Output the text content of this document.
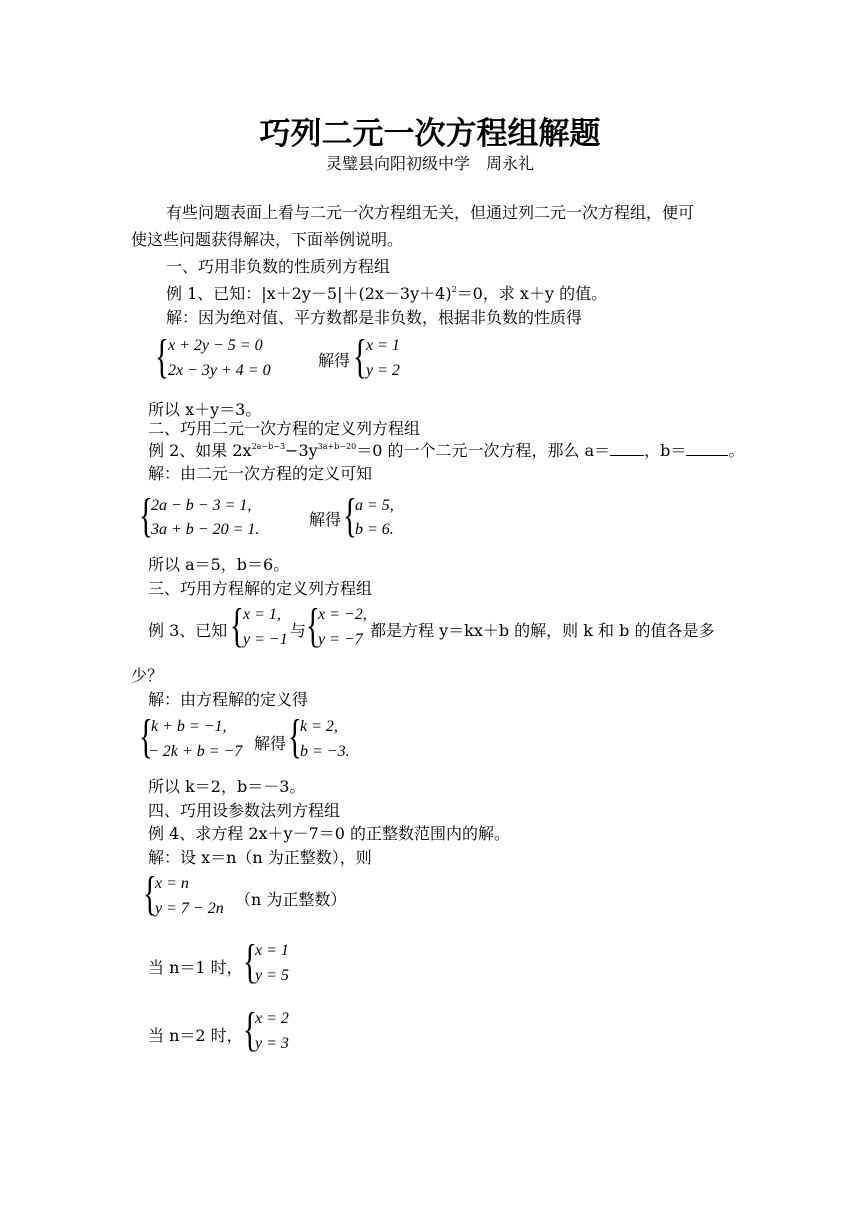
巧列二元一次方程组解题
灵璧县向阳初级中学　周永礼
有些问题表面上看与二元一次方程组无关，但通过列二元一次方程组，便可
使这些问题获得解决，下面举例说明。
一、巧用非负数的性质列方程组
例 1、已知：$|x+2y-5|+(2x-3y+4)^2=0$，求 x＋y 的值。
解：因为绝对值、平方数都是非负数，根据非负数的性质得
{ x + 2y − 5 = 0
2x − 3y + 4 = 0
解得 { x = 1
y = 2
所以 x＋y＝3。
二、巧用二元一次方程的定义列方程组
例 2、如果 $2x^{2a-b-3}-3y^{3a+b-20}=0$ 的一个二元一次方程，那么 a＝ ，b＝	。
解：由二元一次方程的定义可知
{
2a − b − 3 = 1,
3a + b − 20 = 1.
解得 {
a = 5,
b = 6.
所以 a＝5，b＝6。
三、巧用方程解的定义列方程组
例 3、已知 { x = 1,
y = −1 与 {
x = −2,
y = −7 都是方程 y＝kx＋b 的解，则 k 和 b 的值各是多
少？
解：由方程解的定义得
{
k + b = −1,
− 2k + b = −7 解得 {
k = 2,
b = −3.
所以 k＝2，b＝－3。
四、巧用设参数法列方程组
例 4、求方程 2x＋y－7＝0 的正整数范围内的解。
解：设 x＝n（n 为正整数），则
{
x = n
y = 7 − 2n （n 为正整数）
当 n＝1 时， {
x = 1
y = 5
当 n＝2 时， {
x = 2
y = 3
